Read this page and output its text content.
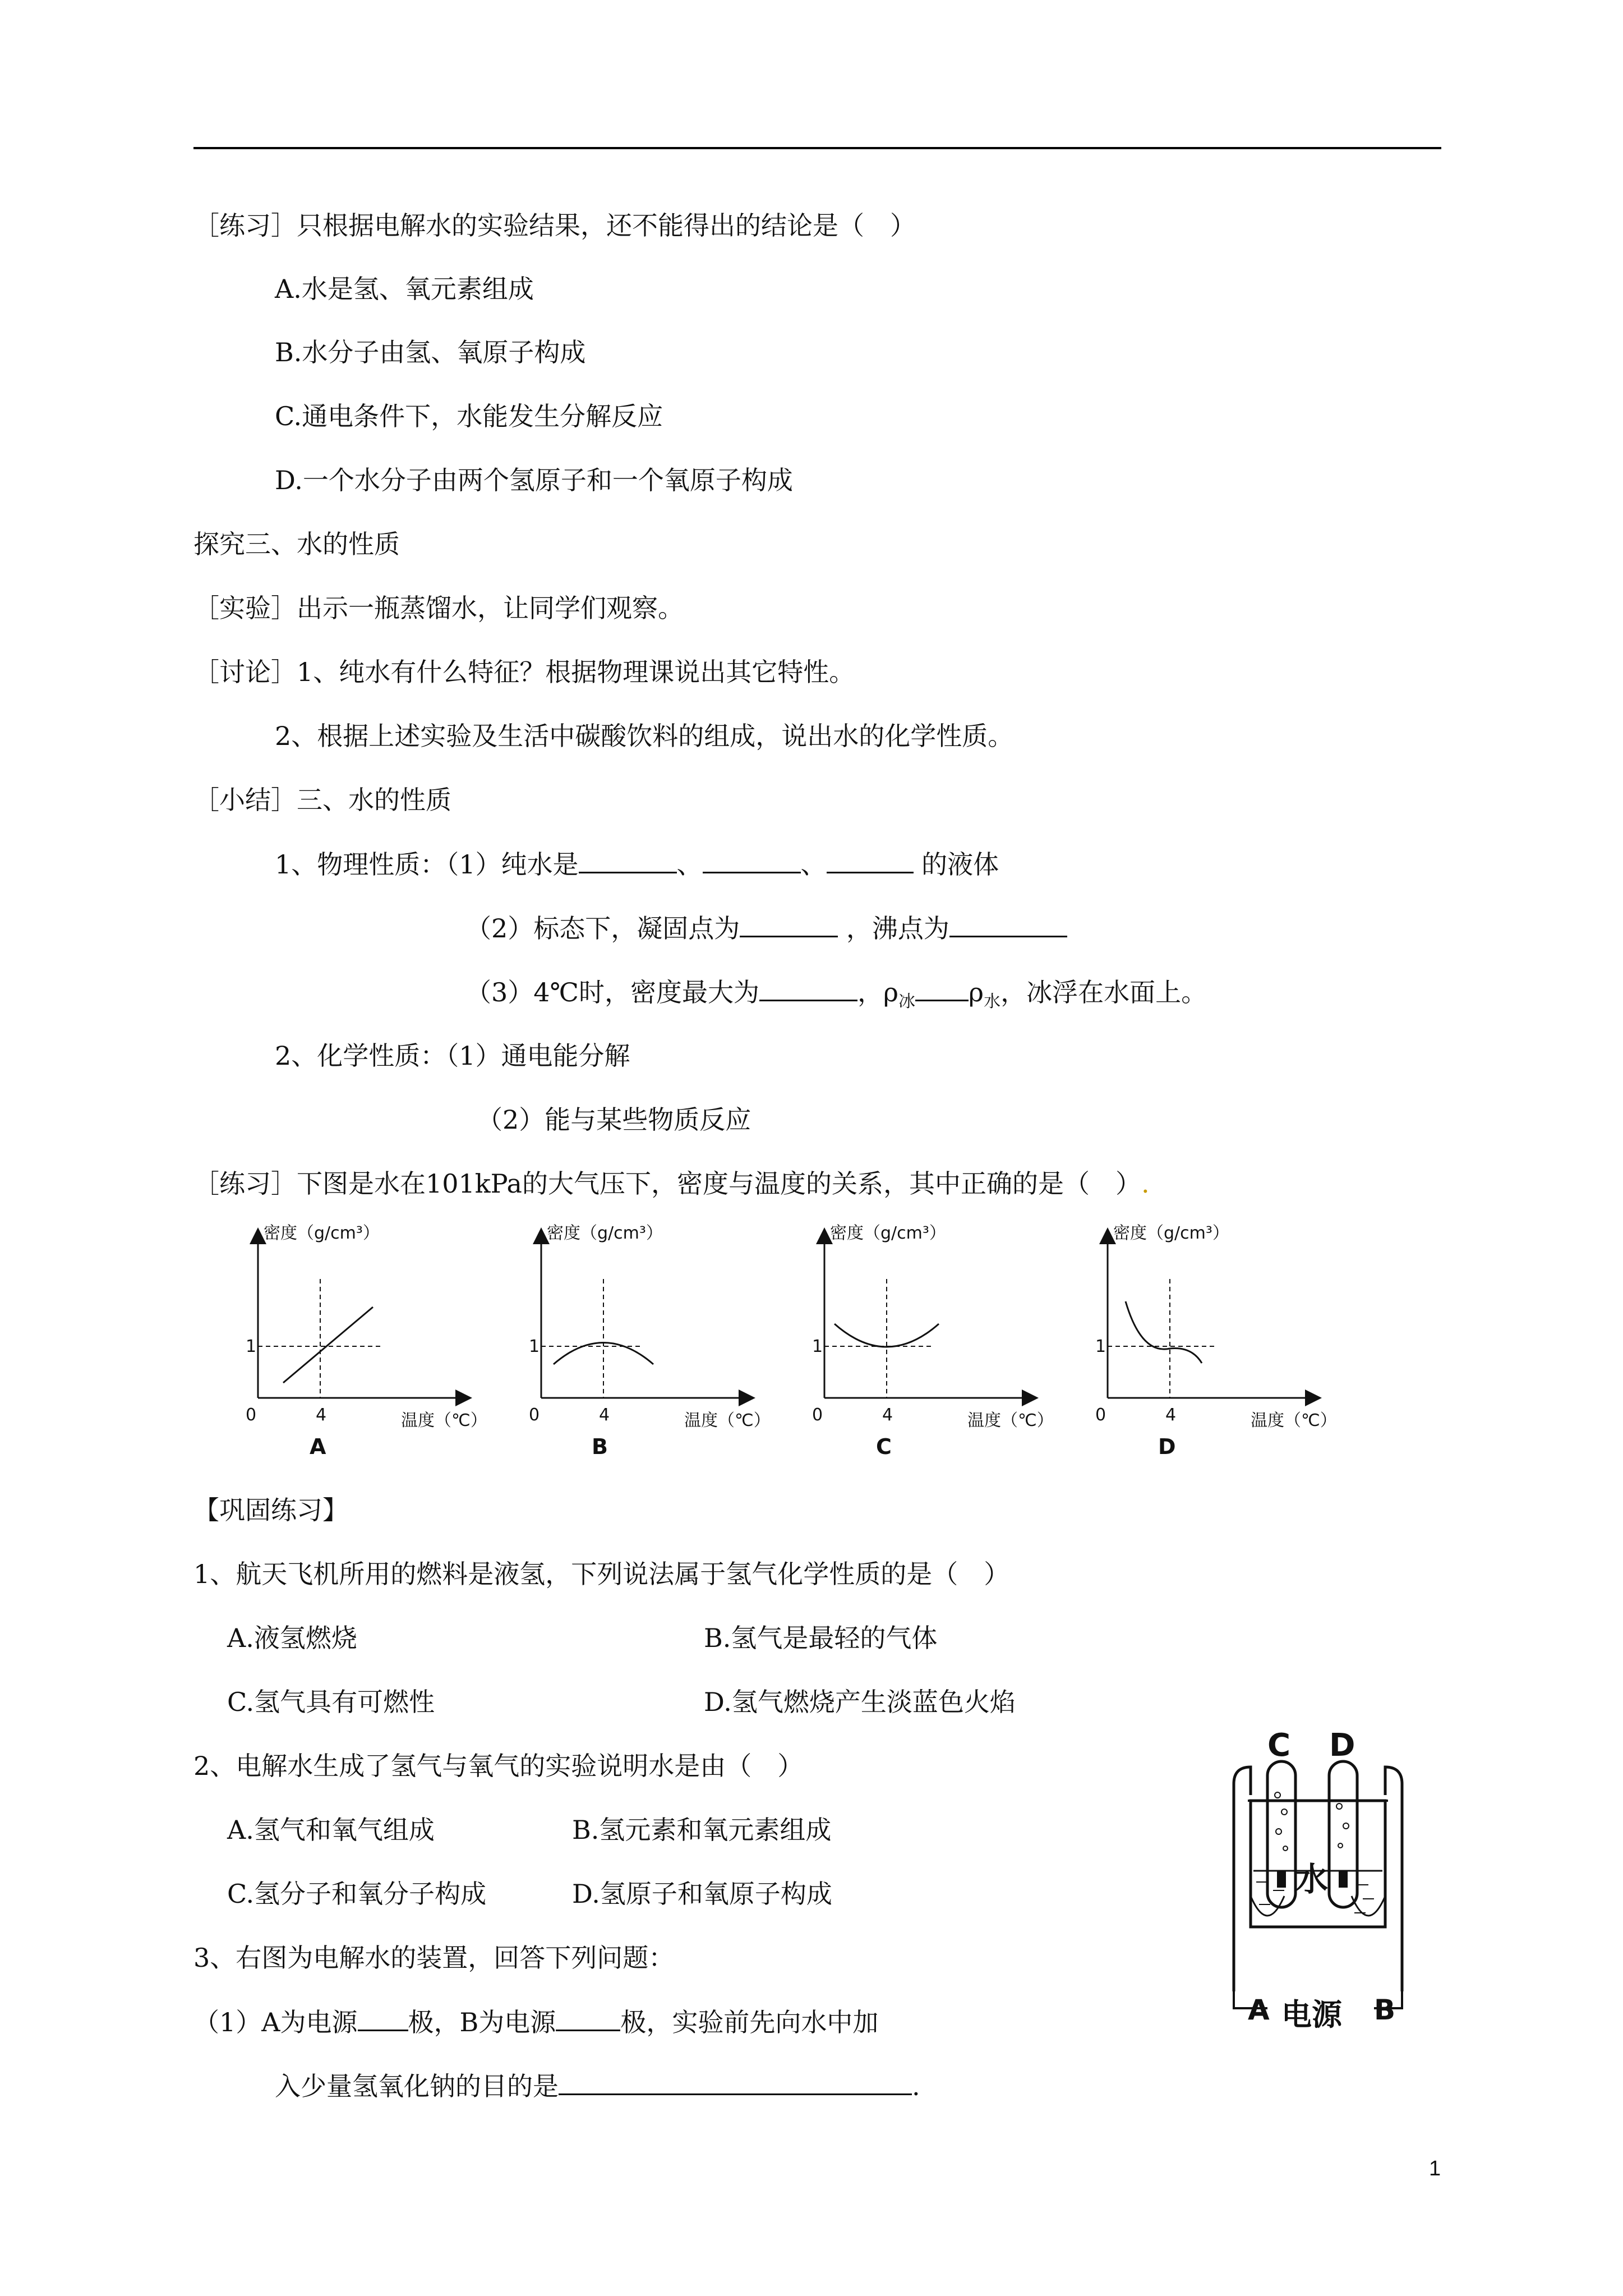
［练习］只根据电解水的实验结果，还不能得出的结论是（　）
A.水是氢、氧元素组成
B.水分子由氢、氧原子构成
C.通电条件下，水能发生分解反应
D.一个水分子由两个氢原子和一个氧原子构成
探究三、水的性质
［实验］出示一瓶蒸馏水，让同学们观察。
［讨论］1、纯水有什么特征？根据物理课说出其它特性。
2、根据上述实验及生活中碳酸饮料的组成，说出水的化学性质。
［小结］三、水的性质
1、物理性质：（1）纯水是	、	、	的液体
（2）标态下，凝固点为	，沸点为
（3）4℃时，密度最大为	，$\rho_冰$ $\rho_水$，冰浮在水面上。
2、化学性质：（1）通电能分解
（2）能与某些物质反应
［练习］下图是水在101kPa的大气压下，密度与温度的关系，其中正确的是（　）.
密度（g/cm³）
1
0	4	温度（℃）
A
密度（g/cm³）
1
0	4	温度（℃）
B
密度（g/cm³）
1
0	4	温度（℃）
C
密度（g/cm³）
1
0	4	温度（℃）
D
【巩固练习】
1、航天飞机所用的燃料是液氢，下列说法属于氢气化学性质的是（　）
A.液氢燃烧	B.氢气是最轻的气体
C.氢气具有可燃性	D.氢气燃烧产生淡蓝色火焰
2、电解水生成了氢气与氧气的实验说明水是由（　）
A.氢气和氧气组成	B.氢元素和氧元素组成
C.氢分子和氧分子构成	D.氢原子和氧原子构成
3、右图为电解水的装置，回答下列问题：
（1）A为电源 极，B为电源	极，实验前先向水中加
入少量氢氧化钠的目的是	.
C D
水
A 电源 B
1
